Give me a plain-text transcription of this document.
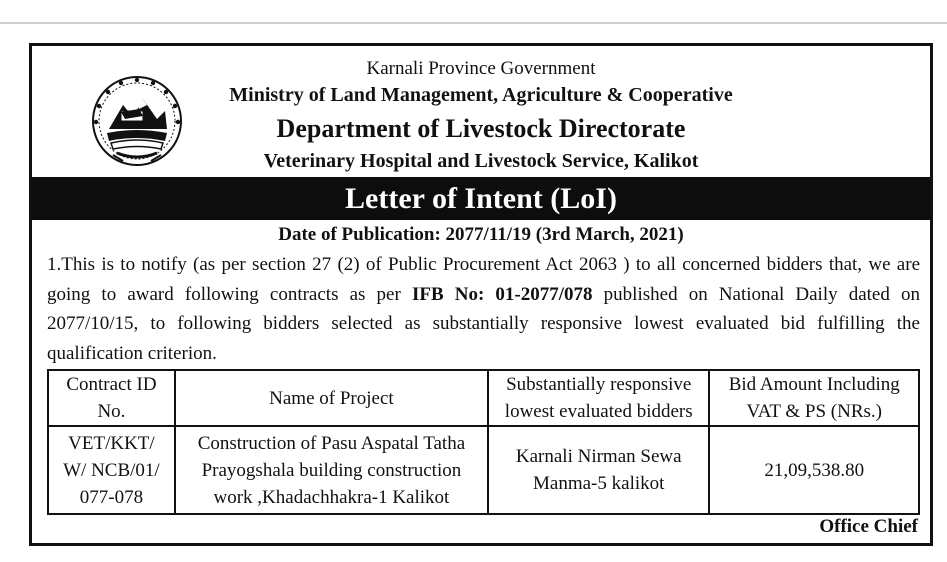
Karnali Province Government
Ministry of Land Management, Agriculture & Cooperative
Department of Livestock Directorate
Veterinary Hospital and Livestock Service, Kalikot
Letter of Intent (LoI)
Date of Publication: 2077/11/19 (3rd March, 2021)
1.This is to notify (as per section 27 (2) of Public Procurement Act 2063 ) to all concerned bidders that, we are going to award following contracts as per IFB No: 01-2077/078 published on National Daily dated on 2077/10/15, to following bidders selected as substantially responsive lowest evaluated bid fulfilling the qualification criterion.
Contract ID No.	Name of Project	Substantially responsive lowest evaluated bidders	Bid Amount Including VAT & PS (NRs.)
VET/KKT/ W/ NCB/01/ 077-078	Construction of Pasu Aspatal Tatha Prayogshala building construction work ,Khadachhakra-1 Kalikot	Karnali Nirman Sewa Manma-5 kalikot	21,09,538.80
Office Chief
